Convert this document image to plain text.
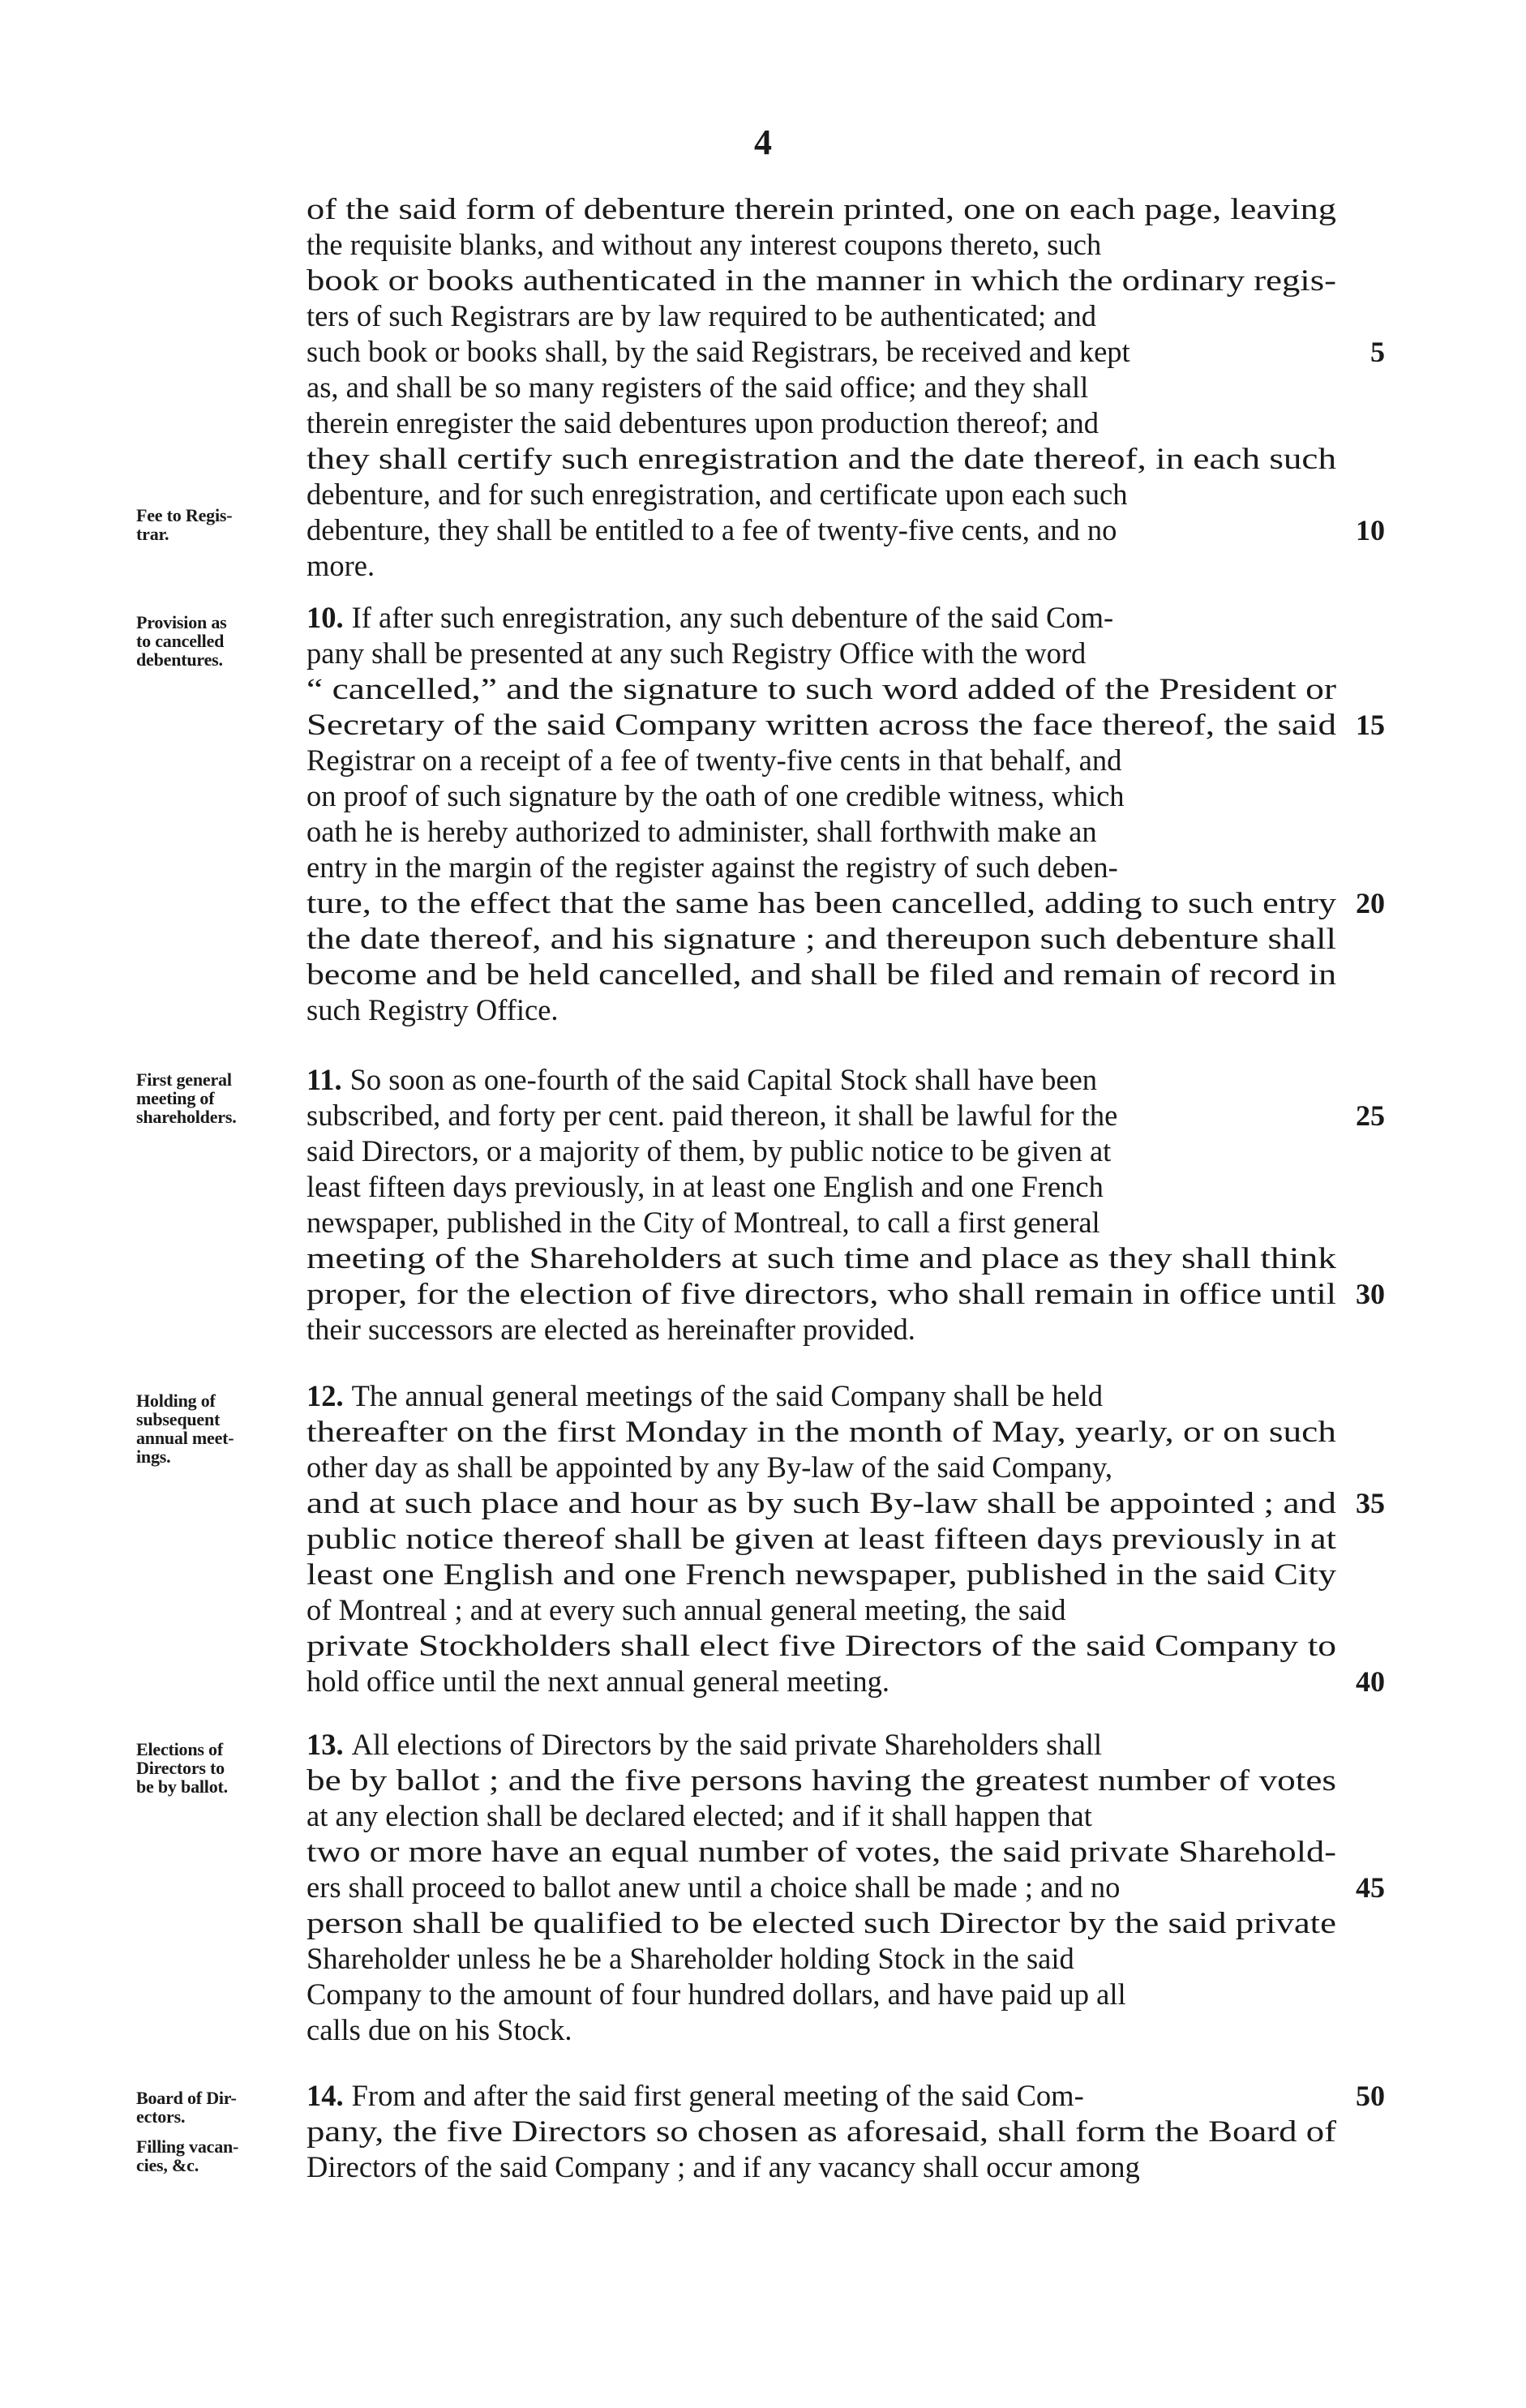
4
of the said form of debenture therein printed, one on each page, leaving
the requisite blanks, and without any interest coupons thereto, such
book or books authenticated in the manner in which the ordinary regis-
ters of such Registrars are by law required to be authenticated; and
such book or books shall, by the said Registrars, be received and kept	5
as, and shall be so many registers of the said office; and they shall
therein enregister the said debentures upon production thereof; and
they shall certify such enregistration and the date thereof, in each such
debenture, and for such enregistration, and certificate upon each such
debenture, they shall be entitled to a fee of twenty-five cents, and no	10
more.
10.If after such enregistration, any such debenture of the said Com-
pany shall be presented at any such Registry Office with the word
“ cancelled,” and the signature to such word added of the President or
Secretary of the said Company written across the face thereof, the said 15
Registrar on a receipt of a fee of twenty-five cents in that behalf, and
on proof of such signature by the oath of one credible witness, which
oath he is hereby authorized to administer, shall forthwith make an
entry in the margin of the register against the registry of such deben-
ture, to the effect that the same has been cancelled, adding to such entry 20
the date thereof, and his signature ; and thereupon such debenture shall
become and be held cancelled, and shall be filed and remain of record in
such Registry Office.
11.So soon as one-fourth of the said Capital Stock shall have been
subscribed, and forty per cent. paid thereon, it shall be lawful for the	25
said Directors, or a majority of them, by public notice to be given at
least fifteen days previously, in at least one English and one French
newspaper, published in the City of Montreal, to call a first general
meeting of the Shareholders at such time and place as they shall think
proper, for the election of five directors, who shall remain in office until 30
their successors are elected as hereinafter provided.
12.The annual general meetings of the said Company shall be held
thereafter on the first Monday in the month of May, yearly, or on such
other day as shall be appointed by any By-law of the said Company,
and at such place and hour as by such By-law shall be appointed ; and 35
public notice thereof shall be given at least fifteen days previously in at
least one English and one French newspaper, published in the said City
of Montreal ; and at every such annual general meeting, the said
private Stockholders shall elect five Directors of the said Company to
hold office until the next annual general meeting.	40
13.All elections of Directors by the said private Shareholders shall
be by ballot ; and the five persons having the greatest number of votes
at any election shall be declared elected; and if it shall happen that
two or more have an equal number of votes, the said private Sharehold-
ers shall proceed to ballot anew until a choice shall be made ; and no	45
person shall be qualified to be elected such Director by the said private
Shareholder unless he be a Shareholder holding Stock in the said
Company to the amount of four hundred dollars, and have paid up all
calls due on his Stock.
14.From and after the said first general meeting of the said Com-	50
pany, the five Directors so chosen as aforesaid, shall form the Board of
Directors of the said Company ; and if any vacancy shall occur among
Fee to Regis-
trar.
Provision as
to cancelled
debentures.
First general
meeting of
shareholders.
Holding of
subsequent
annual meet-
ings.
Elections of
Directors to
be by ballot.
Board of Dir-
ectors.
Filling vacan-
cies, &c.
